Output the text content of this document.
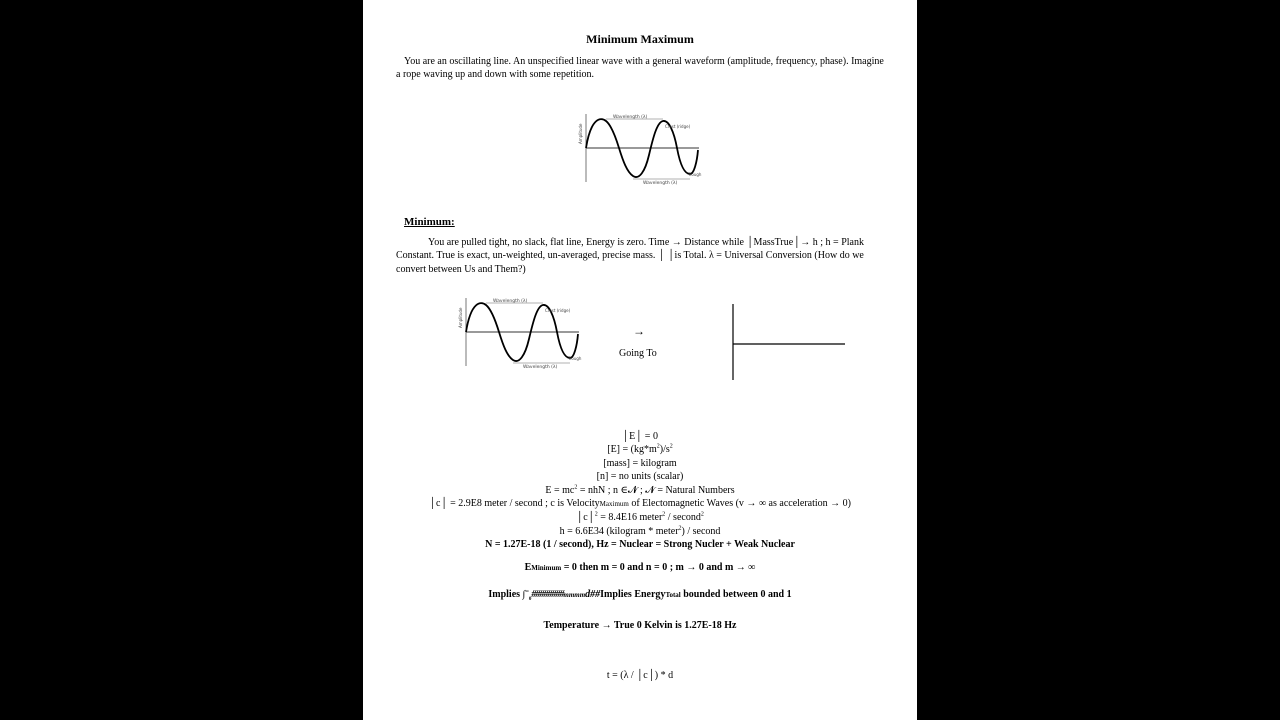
Minimum Maximum

You are an oscillating line. An unspecified linear wave with a general waveform (amplitude, frequency, phase). Imagine a rope waving up and down with some repetition.

Wavelength (λ)
Crest (ridge)
Amplitude
Wavelength (λ)
Trough
Minimum:

You are pulled tight, no slack, flat line, Energy is zero. Time → Distance while │MassTrue│→ h ; h = Plank Constant. True is exact, un-weighted, un-averaged, precise mass. │ │is Total. λ = Universal Conversion (How do we convert between Us and Them?)

Wavelength (λ)
Crest (ridge)
Amplitude
Wavelength (λ)
Trough
→
Going To
│E│ = 0
$[E] = (kg*m^2)/s^2$
[mass] = kilogram
[n] = no units (scalar)
$E = mc^2$ = nhN ; n ∈𝓝 ; 𝓝 = Natural Numbers
│c│ = 2.9E8 meter / second ; c is VelocityMaximum of Electomagnetic Waves (v → ∞ as acceleration → 0)
│c│$^2$ = 8.4E16 meter$^2$ / second$^2$
h = 6.6E34 (kilogram * meter$^2$) / second
N = 1.27E-18 (1 / second), Hz = Nuclear = Strong Nucler + Weak Nuclear
EMinimum = 0 then m = 0 and n = 0 ; m → 0 and m → ∞
Implies $\int^\infty_0\#\#\#\#\#\#\#\#mmmmd\#\#Implies$ EnergyTotal bounded between 0 and 1
Temperature → True 0 Kelvin is 1.27E-18 Hz
t = (λ / │c│) * d
